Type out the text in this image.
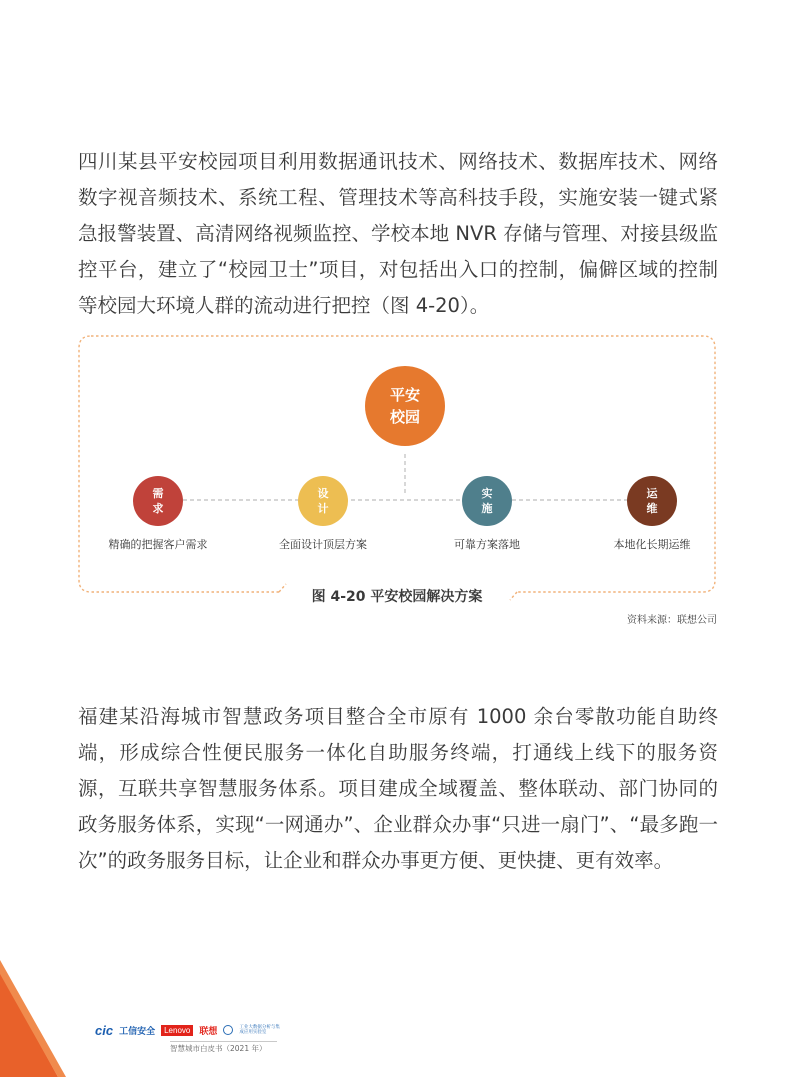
四川某县平安校园项目利用数据通讯技术、网络技术、数据库技术、网络数字视音频技术、系统工程、管理技术等高科技手段，实施安装一键式紧急报警装置、高清网络视频监控、学校本地 NVR 存储与管理、对接县级监控平台，建立了“校园卫士”项目，对包括出入口的控制，偏僻区域的控制等校园大环境人群的流动进行把控（图 4-20）。

平安
校园
需
求
设
计
实
施
运
维
精确的把握客户需求	全面设计顶层方案	可靠方案落地	本地化长期运维
图 4-20 平安校园解决方案
资料来源：联想公司

福建某沿海城市智慧政务项目整合全市原有 1000 余台零散功能自助终端，形成综合性便民服务一体化自助服务终端，打通线上线下的服务资源，互联共享智慧服务体系。项目建成全域覆盖、整体联动、部门协同的政务服务体系，实现“一网通办”、企业群众办事“只进一扇门”、“最多跑一次”的政务服务目标，让企业和群众办事更方便、更快捷、更有效率。

54
cic 工信安全	Lenovo	联想	工业大数据分析与集成应用实验室
智慧城市白皮书（2021 年）
